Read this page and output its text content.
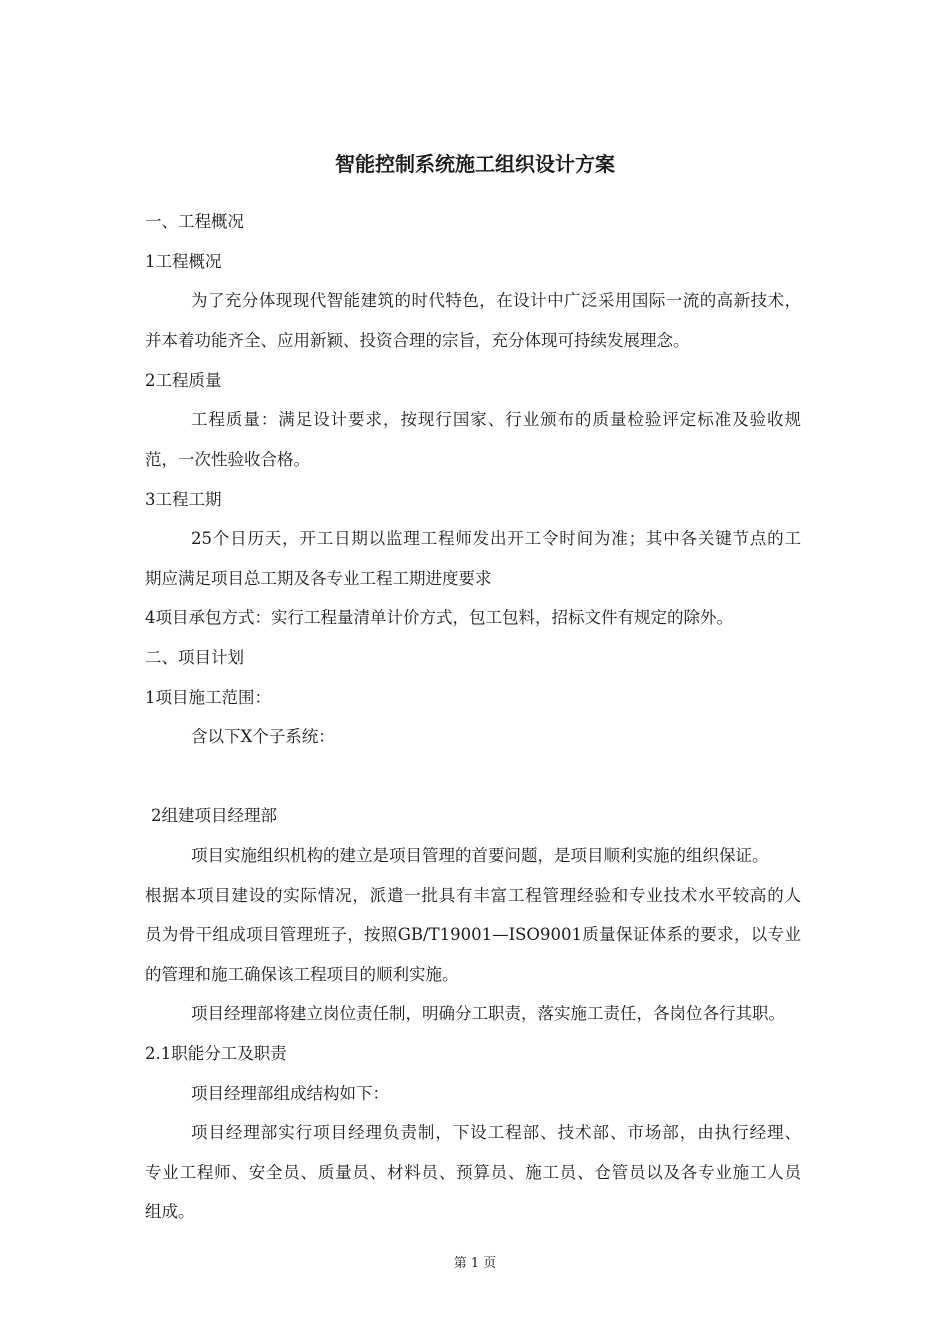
智能控制系统施工组织设计方案
一、工程概况
1工程概况
为了充分体现现代智能建筑的时代特色，在设计中广泛采用国际一流的高新技术，
并本着功能齐全、应用新颖、投资合理的宗旨，充分体现可持续发展理念。
2工程质量
工程质量：满足设计要求，按现行国家、行业颁布的质量检验评定标准及验收规
范，一次性验收合格。
3工程工期
25个日历天，开工日期以监理工程师发出开工令时间为准；其中各关键节点的工
期应满足项目总工期及各专业工程工期进度要求
4项目承包方式：实行工程量清单计价方式，包工包料，招标文件有规定的除外。
二、项目计划
1项目施工范围：
含以下X个子系统：
2组建项目经理部
项目实施组织机构的建立是项目管理的首要问题，是项目顺利实施的组织保证。
根据本项目建设的实际情况，派遣一批具有丰富工程管理经验和专业技术水平较高的人
员为骨干组成项目管理班子，按照GB/T19001—ISO9001质量保证体系的要求，以专业
的管理和施工确保该工程项目的顺利实施。
项目经理部将建立岗位责任制，明确分工职责，落实施工责任，各岗位各行其职。
2.1职能分工及职责
项目经理部组成结构如下：
项目经理部实行项目经理负责制，下设工程部、技术部、市场部，由执行经理、
专业工程师、安全员、质量员、材料员、预算员、施工员、仓管员以及各专业施工人员
组成。
第 1 页
